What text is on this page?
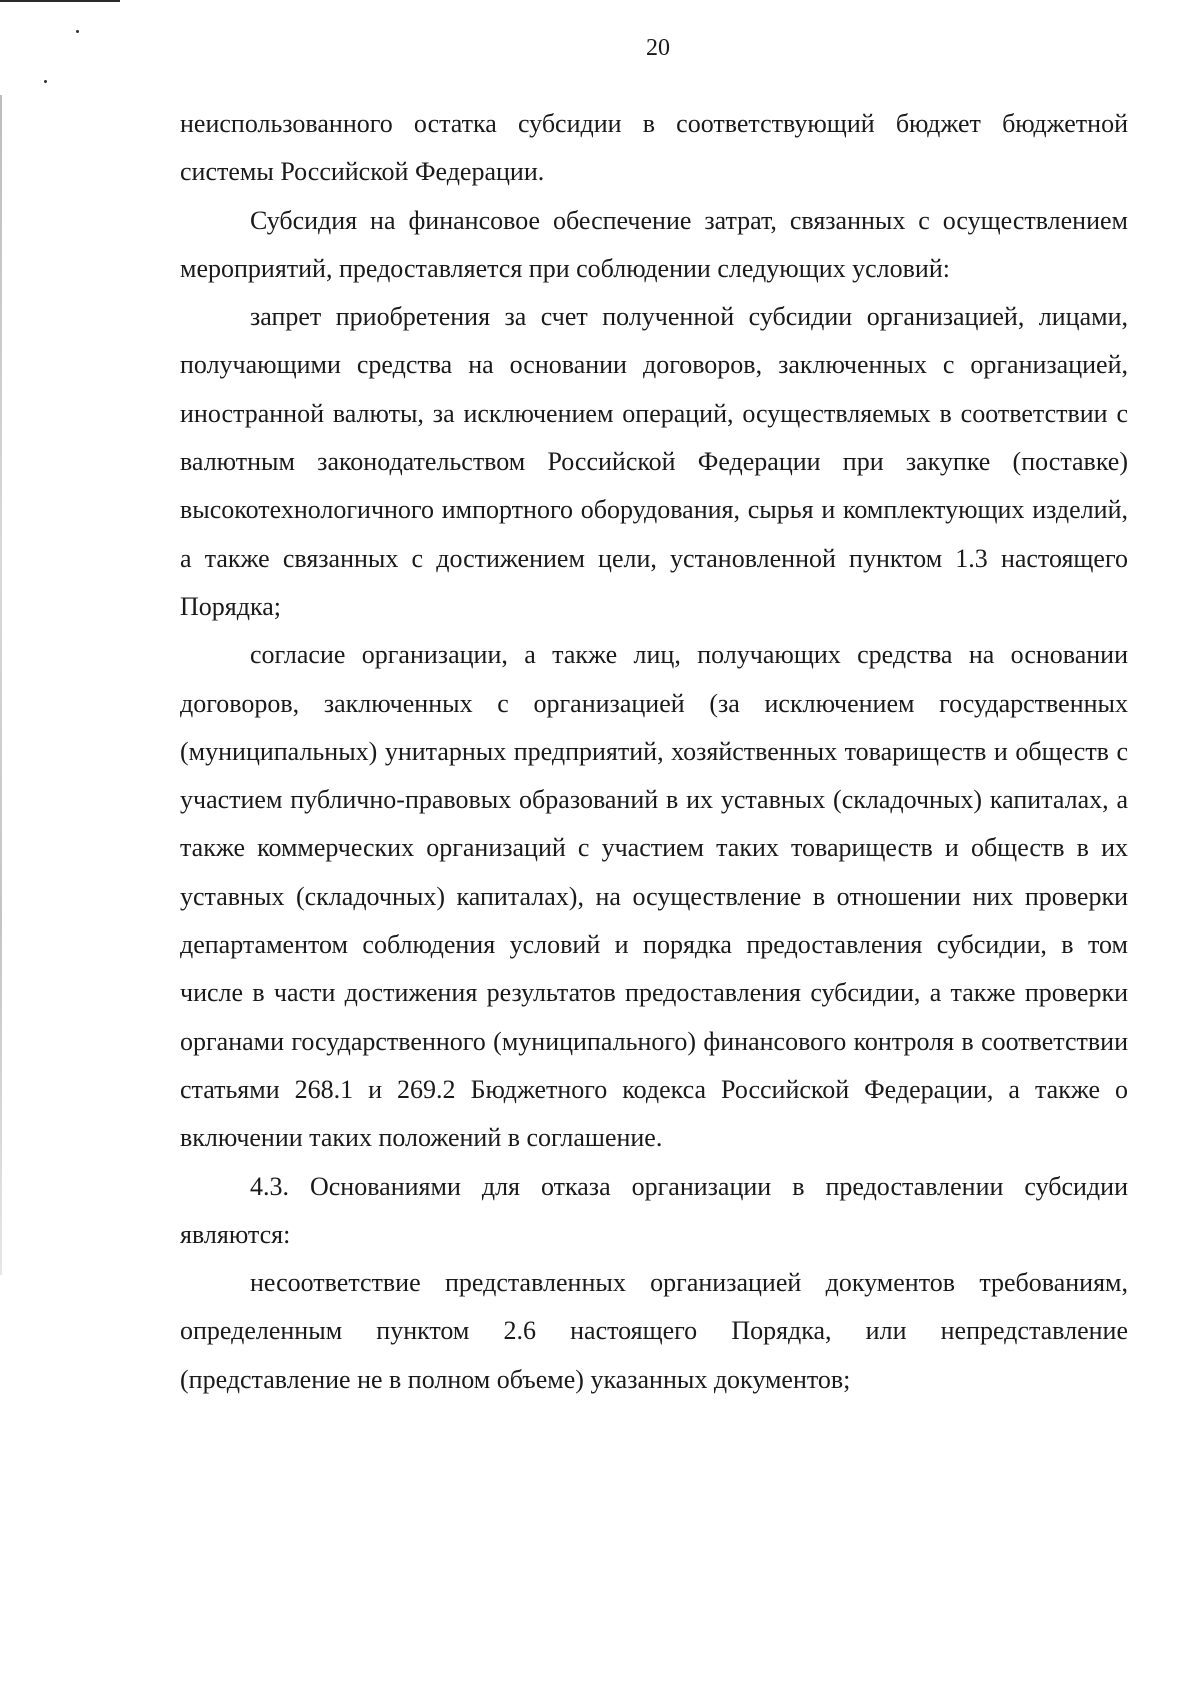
20

неиспользованного остатка субсидии в соответствующий бюджет бюджетной системы Российской Федерации.

Субсидия на финансовое обеспечение затрат, связанных с осуществлением мероприятий, предоставляется при соблюдении следующих условий:

запрет приобретения за счет полученной субсидии организацией, лицами, получающими средства на основании договоров, заключенных с организацией, иностранной валюты, за исключением операций, осуществляемых в соответствии с валютным законодательством Российской Федерации при закупке (поставке) высокотехнологичного импортного оборудования, сырья и комплектующих изделий, а также связанных с достижением цели, установленной пунктом 1.3 настоящего Порядка;

согласие организации, а также лиц, получающих средства на основании договоров, заключенных с организацией (за исключением государственных (муниципальных) унитарных предприятий, хозяйственных товариществ и обществ с участием публично-правовых образований в их уставных (складочных) капиталах, а также коммерческих организаций с участием таких товариществ и обществ в их уставных (складочных) капиталах), на осуществление в отношении них проверки департаментом соблюдения условий и порядка предоставления субсидии, в том числе в части достижения результатов предоставления субсидии, а также проверки органами государственного (муниципального) финансового контроля в соответствии статьями 268.1 и 269.2 Бюджетного кодекса Российской Федерации, а также о включении таких положений в соглашение.

4.3. Основаниями для отказа организации в предоставлении субсидии являются:

несоответствие представленных организацией документов требованиям, определенным пунктом 2.6 настоящего Порядка, или непредставление (представление не в полном объеме) указанных документов;
